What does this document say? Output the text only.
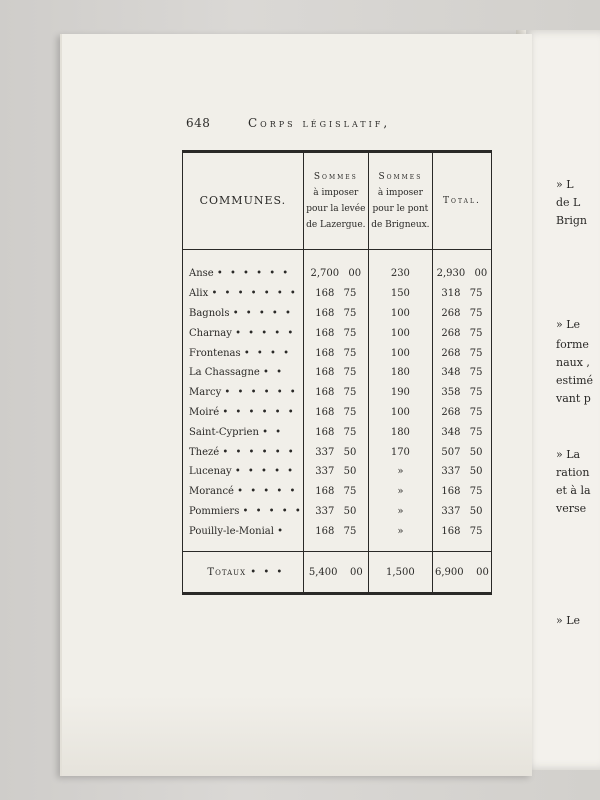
648	Corps législatif,
COMMUNES.	Sommes
à imposer
pour la levée
de Lazergue.	Sommes
à imposer
pour le pont
de Brigneux.	Total.

Anse • • • • • •	2,700 00	230	2,930 00
Alix • • • • • • •	168 75	150	318 75
Bagnols • • • • •	168 75	100	268 75
Charnay • • • • •	168 75	100	268 75
Frontenas • • • •	168 75	100	268 75
La Chassagne • •	168 75	180	348 75
Marcy • • • • • •	168 75	190	358 75
Moiré • • • • • •	168 75	100	268 75
Saint-Cyprien • •	168 75	180	348 75
Thezé • • • • • •	337 50	170	507 50
Lucenay • • • • •	337 50	»	337 50
Morancé • • • • •	168 75	»	168 75
Pommiers • • • • •	337 50	»	337 50
Pouilly-le-Monial •	168 75	»	168 75
Totaux • • •	5,400 00	1,500	6,900 00
» L
de L
Brign
» Le
forme
naux ,
estimé
vant p
» La
ration
et à la
verse
» Le
